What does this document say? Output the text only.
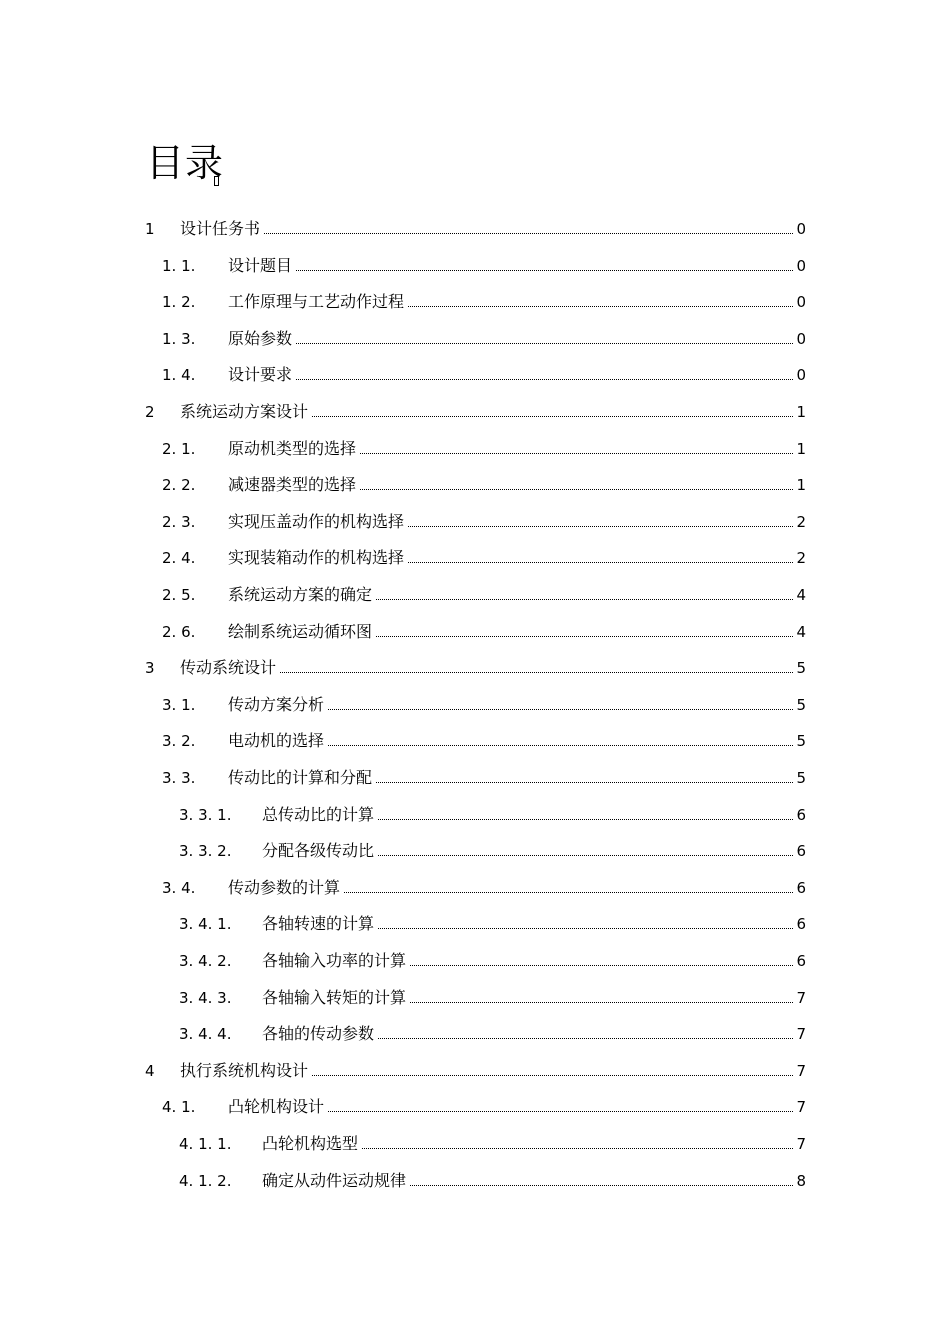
目录
1 设计任务书	0
1. 1. 设计题目	0
1. 2. 工作原理与工艺动作过程	0
1. 3. 原始参数	0
1. 4. 设计要求	0
2 系统运动方案设计	1
2. 1. 原动机类型的选择	1
2. 2. 减速器类型的选择	1
2. 3. 实现压盖动作的机构选择	2
2. 4. 实现装箱动作的机构选择	2
2. 5. 系统运动方案的确定	4
2. 6. 绘制系统运动循环图	4
3 传动系统设计	5
3. 1. 传动方案分析	5
3. 2. 电动机的选择	5
3. 3. 传动比的计算和分配	5
3. 3. 1. 总传动比的计算	6
3. 3. 2. 分配各级传动比	6
3. 4. 传动参数的计算	6
3. 4. 1. 各轴转速的计算	6
3. 4. 2. 各轴输入功率的计算	6
3. 4. 3. 各轴输入转矩的计算	7
3. 4. 4. 各轴的传动参数	7
4 执行系统机构设计	7
4. 1. 凸轮机构设计	7
4. 1. 1. 凸轮机构选型	7
4. 1. 2. 确定从动件运动规律	8
